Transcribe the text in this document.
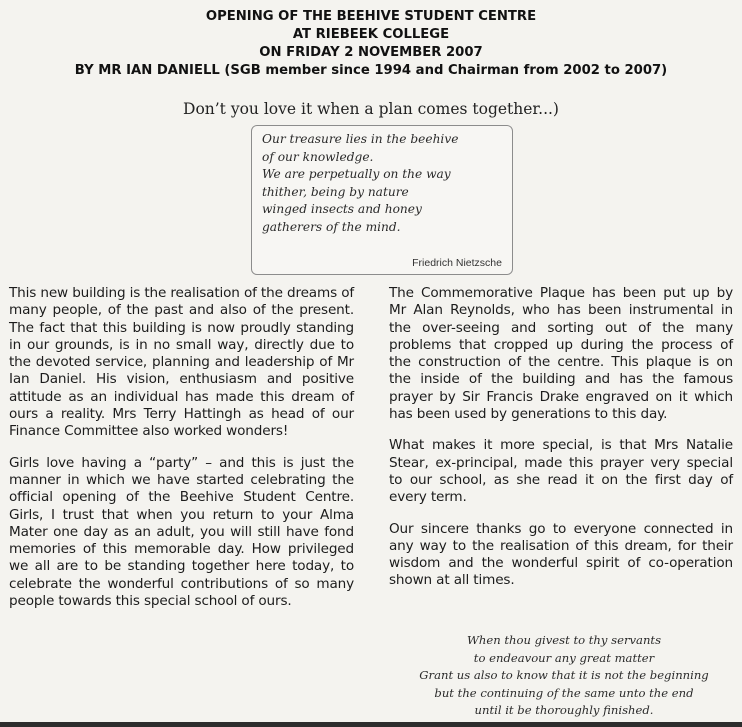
OPENING OF THE BEEHIVE STUDENT CENTRE
AT RIEBEEK COLLEGE
ON FRIDAY 2 NOVEMBER 2007
BY MR IAN DANIELL (SGB member since 1994 and Chairman from 2002 to 2007)
Don’t you love it when a plan comes together...)
Our treasure lies in the beehive
of our knowledge.
We are perpetually on the way
thither, being by nature
winged insects and honey
gatherers of the mind.
Friedrich Nietzsche

This new building is the realisation of the dreams of many people, of the past and also of the present. The fact that this building is now proudly standing in our grounds, is in no small way, directly due to the devoted service, planning and leadership of Mr Ian Daniel. His vision, enthusiasm and positive attitude as an individual has made this dream of ours a reality. Mrs Terry Hattingh as head of our Finance Committee also worked wonders!

Girls love having a “party” – and this is just the manner in which we have started celebrating the official opening of the Beehive Student Centre. Girls, I trust that when you return to your Alma Mater one day as an adult, you will still have fond memories of this memorable day. How privileged we all are to be standing together here today, to celebrate the wonderful contributions of so many people towards this special school of ours.

The Commemorative Plaque has been put up by Mr Alan Reynolds, who has been instrumental in the over-seeing and sorting out of the many problems that cropped up during the process of the construction of the centre. This plaque is on the inside of the building and has the famous prayer by Sir Francis Drake engraved on it which has been used by generations to this day.

What makes it more special, is that Mrs Natalie Stear, ex-principal, made this prayer very special to our school, as she read it on the first day of every term.

Our sincere thanks go to everyone connected in any way to the realisation of this dream, for their wisdom and the wonderful spirit of co-operation shown at all times.

When thou givest to thy servants
to endeavour any great matter
Grant us also to know that it is not the beginning
but the continuing of the same unto the end
until it be thoroughly finished.
